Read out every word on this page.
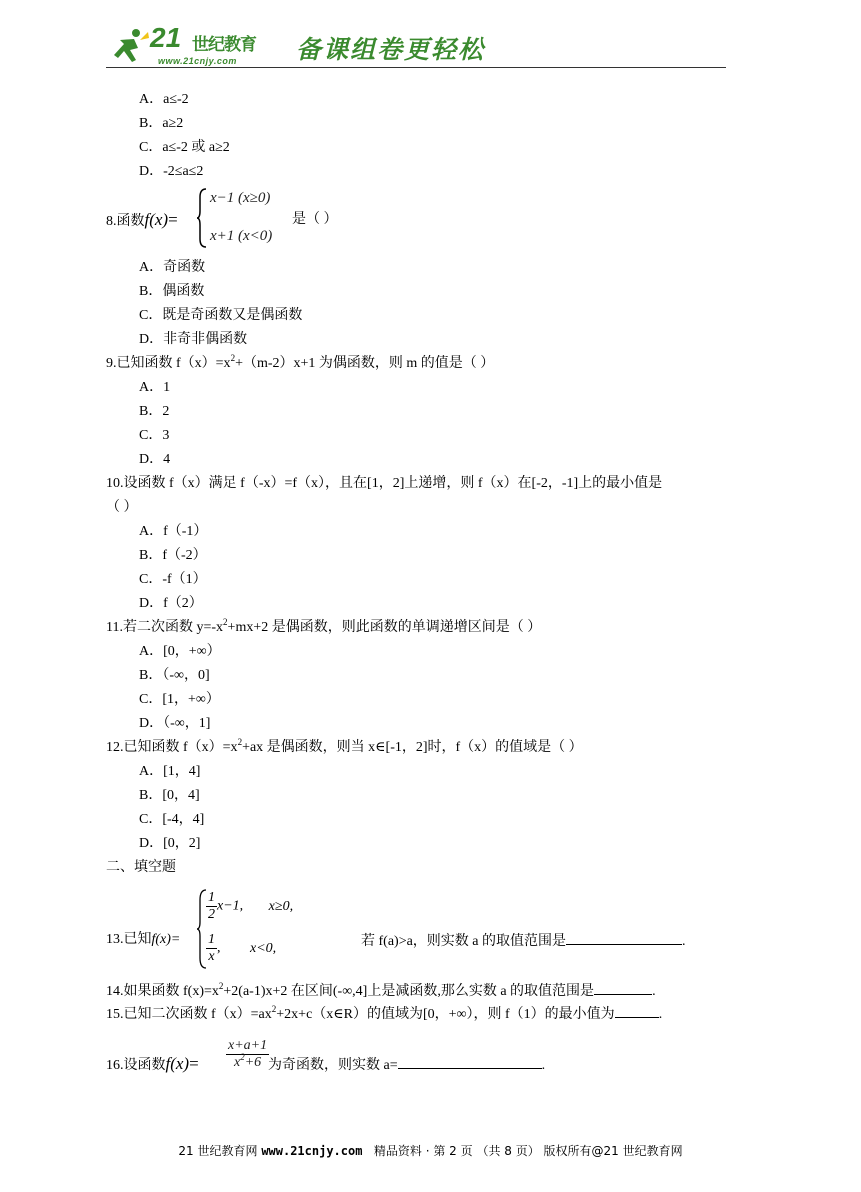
21 世纪教育
www.21cnjy.com 备课组卷更轻松
A．a≤-2
B．a≥2
C．a≤-2 或 a≥2
D．-2≤a≤2
8.函数f(x)=
x−1 (x≥0)
x+1 (x<0)
是（ ）
A．奇函数
B．偶函数
C．既是奇函数又是偶函数
D．非奇非偶函数
9.已知函数 $f(x)=x^2+(m-2)x+1$ 为偶函数，则 m 的值是（ ）
A．1
B．2
C．3
D．4
10.设函数 f（x）满足 f（-x）=f（x），且在[1，2]上递增，则 f（x）在[-2，-1]上的最小值是
（ ）
A．f（-1）
B．f（-2）
C．-f（1）
D．f（2）
11.若二次函数 $y=-x^2+mx+2$ 是偶函数，则此函数的单调递增区间是（ ）
A．[0，+∞）
B．（-∞，0]
C．[1，+∞）
D．（-∞，1]
12.已知函数 $f(x)=x^2+ax$ 是偶函数，则当 x∈[-1，2]时，f（x）的值域是（ ）
A．[1，4]
B．[0，4]
C．[-4，4]
D．[0，2]
二、填空题
13.已知f(x)=
$\frac{1}{2} x-1$, x≥0,
$\frac{1}{x}$ , x<0,	若 f(a)>a，则实数 a 的取值范围是	.
14.如果函数 $f(x)=x^2+2(a-1)x+2$ 在区间(-∞,4]上是减函数,那么实数 a 的取值范围是	.
15.已知二次函数 $f(x)=ax^2+2x+c(x\in R)$的值域为[0，+∞），则 f（1）的最小值为	.
16.设函数$f(x)= \frac{x+a+1}{x^2+6}$
为奇函数，则实数 a=	.
21 世纪教育网 www.21cnjy.com 精品资料 · 第 2 页 （共 8 页） 版权所有@21 世纪教育网
